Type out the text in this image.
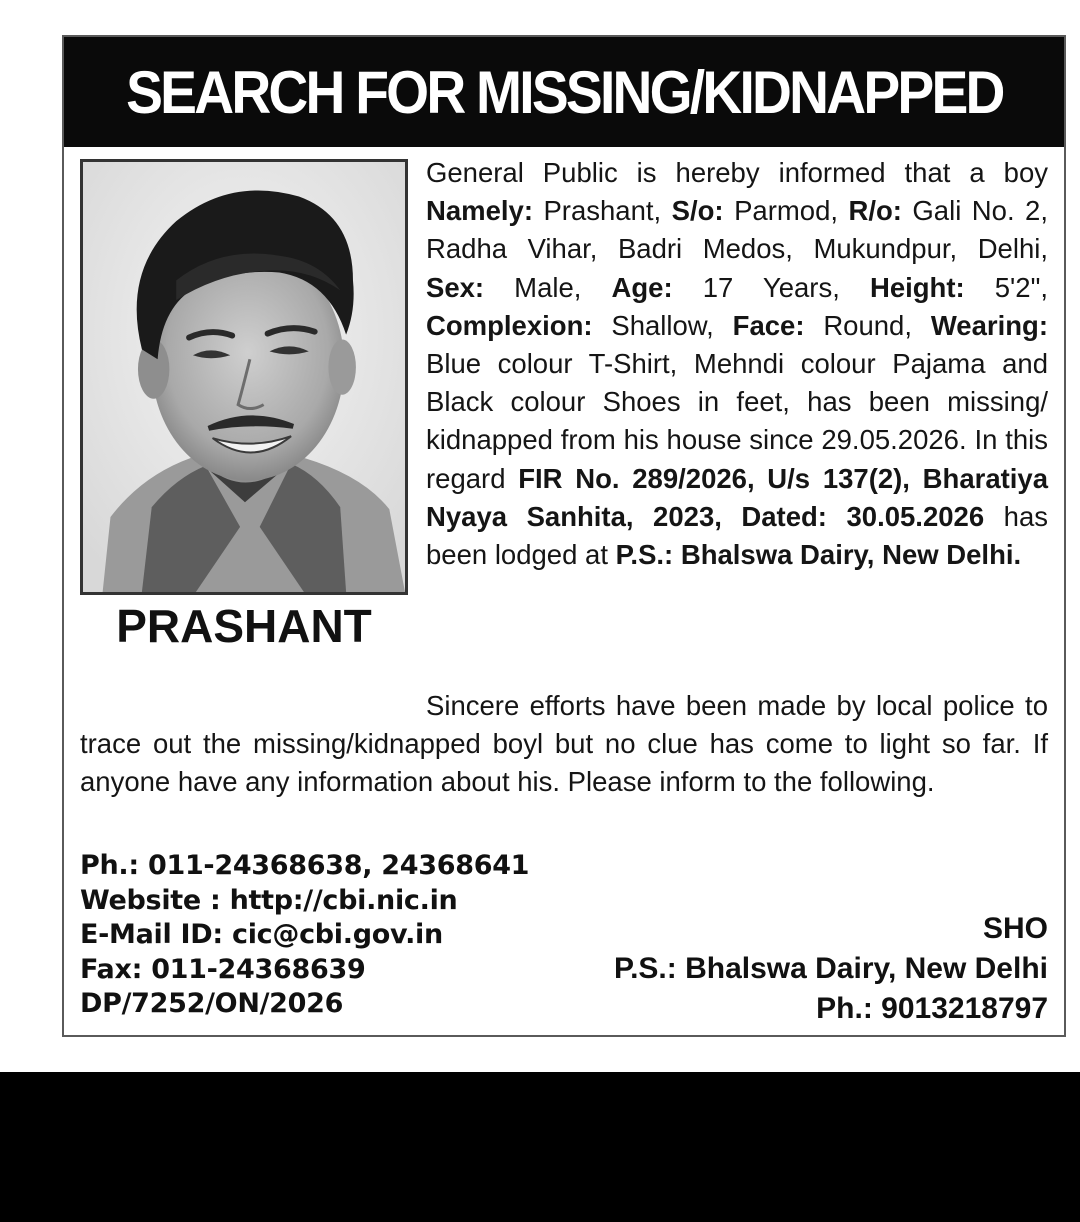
SEARCH FOR MISSING/KIDNAPPED
PRASHANT
General Public is hereby informed that a boy Namely: Prashant, S/o: Parmod, R/o: Gali No. 2, Radha Vihar, Badri Medos, Mukundpur, Delhi, Sex: Male, Age: 17 Years, Height: 5'2", Complexion: Shallow, Face: Round, Wearing: Blue colour T-Shirt, Mehndi colour Pajama and Black colour Shoes in feet, has been missing/ kidnapped from his house since 29.05.2026. In this regard FIR No. 289/2026, U/s 137(2), Bharatiya Nyaya Sanhita, 2023, Dated: 30.05.2026 has been lodged at P.S.: Bhalswa Dairy, New Delhi.
Sincere efforts have been made by local police to trace out the missing/kidnapped boyl but no clue has come to light so far. If anyone have any information about his. Please inform to the following.
Ph.: 011-24368638, 24368641
Website : http://cbi.nic.in
E-Mail ID: cic@cbi.gov.in
Fax: 011-24368639
DP/7252/ON/2026
SHO
P.S.: Bhalswa Dairy, New Delhi
Ph.: 9013218797
